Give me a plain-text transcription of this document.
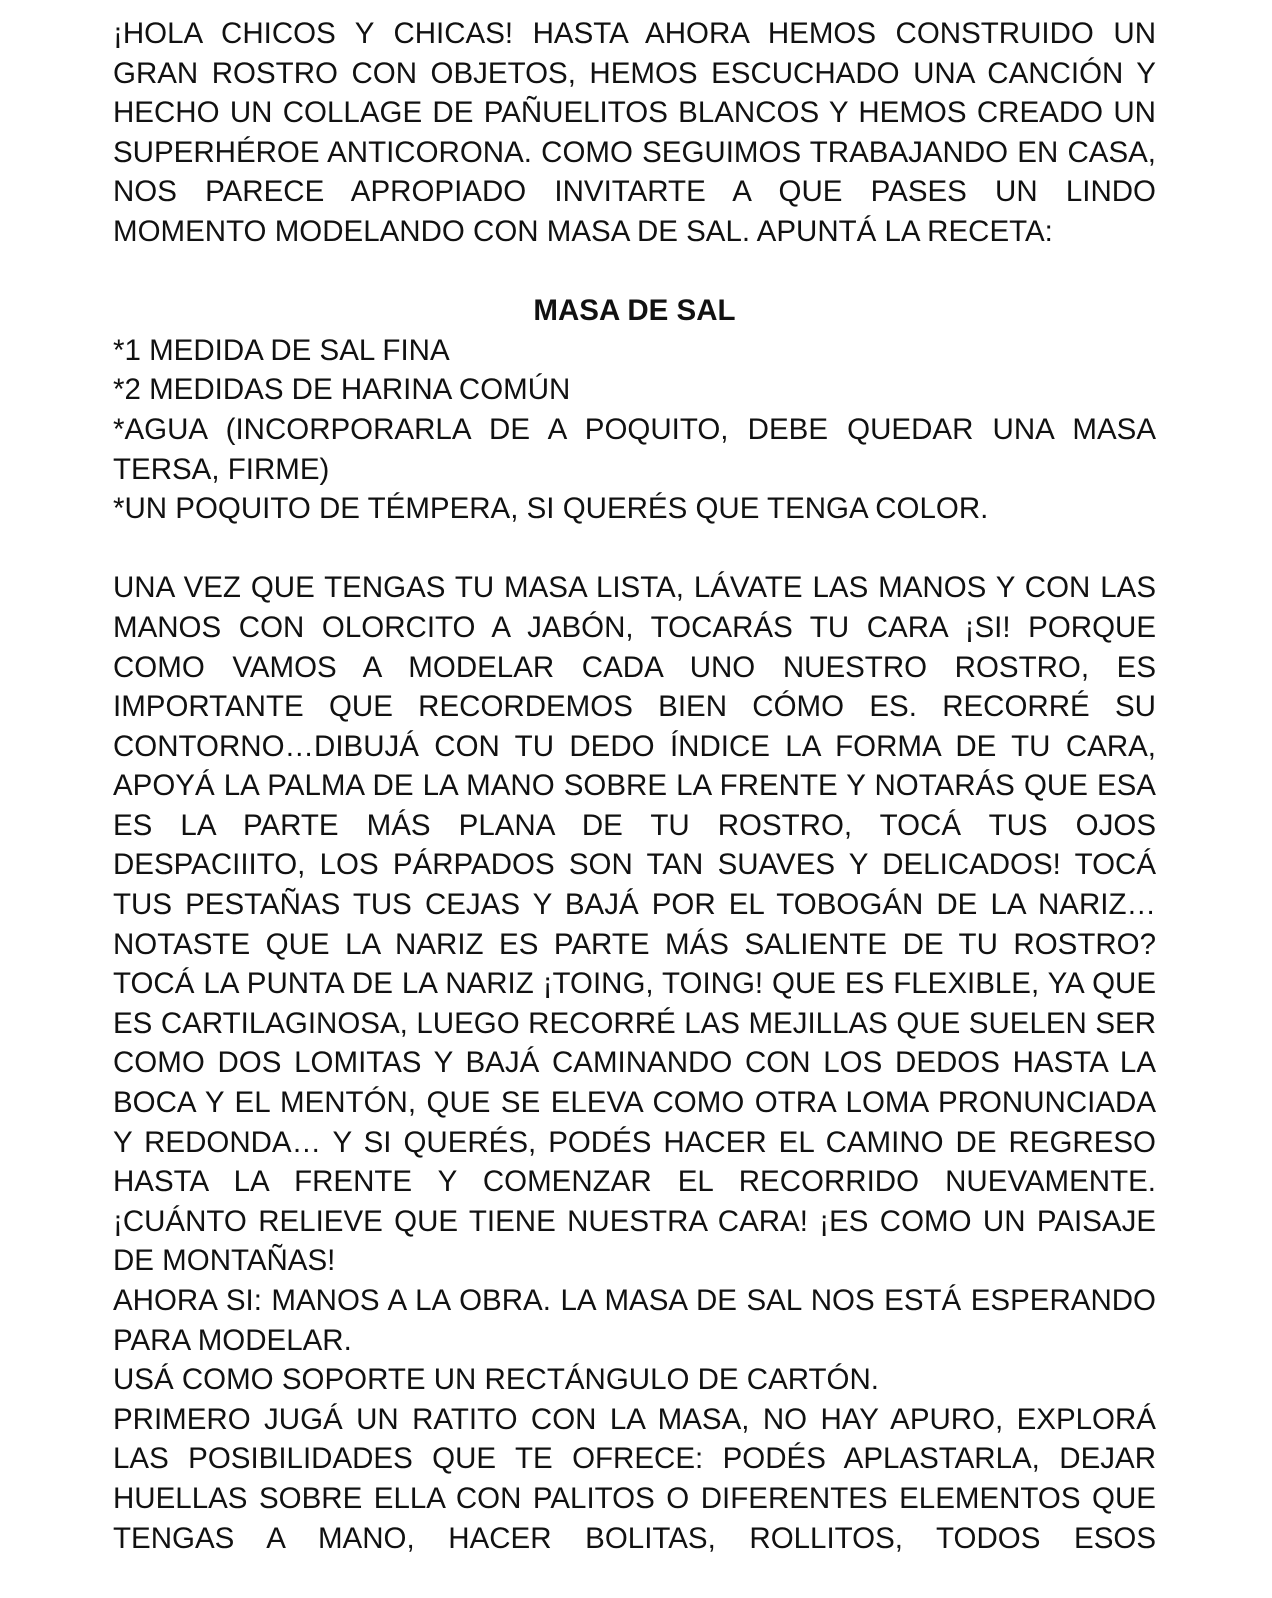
¡HOLA CHICOS Y CHICAS! HASTA AHORA HEMOS CONSTRUIDO UN GRAN ROSTRO CON OBJETOS, HEMOS ESCUCHADO UNA CANCIÓN Y HECHO UN COLLAGE DE PAÑUELITOS BLANCOS Y HEMOS CREADO UN SUPERHÉROE ANTICORONA. COMO SEGUIMOS TRABAJANDO EN CASA, NOS PARECE APROPIADO INVITARTE A QUE PASES UN LINDO MOMENTO MODELANDO CON MASA DE SAL. APUNTÁ LA RECETA:

MASA DE SAL

*1 MEDIDA DE SAL FINA

*2 MEDIDAS DE HARINA COMÚN

*AGUA (INCORPORARLA DE A POQUITO, DEBE QUEDAR UNA MASA TERSA, FIRME)

*UN POQUITO DE TÉMPERA, SI QUERÉS QUE TENGA COLOR.

UNA VEZ QUE TENGAS TU MASA LISTA, LÁVATE LAS MANOS Y CON LAS MANOS CON OLORCITO A JABÓN, TOCARÁS TU CARA ¡SI! PORQUE COMO VAMOS A MODELAR CADA UNO NUESTRO ROSTRO, ES IMPORTANTE QUE RECORDEMOS BIEN CÓMO ES. RECORRÉ SU CONTORNO…DIBUJÁ CON TU DEDO ÍNDICE LA FORMA DE TU CARA, APOYÁ LA PALMA DE LA MANO SOBRE LA FRENTE Y NOTARÁS QUE ESA ES LA PARTE MÁS PLANA DE TU ROSTRO, TOCÁ TUS OJOS DESPACIIITO, LOS PÁRPADOS SON TAN SUAVES Y DELICADOS! TOCÁ TUS PESTAÑAS TUS CEJAS Y BAJÁ POR EL TOBOGÁN DE LA NARIZ…NOTASTE QUE LA NARIZ ES PARTE MÁS SALIENTE DE TU ROSTRO? TOCÁ LA PUNTA DE LA NARIZ ¡TOING, TOING! QUE ES FLEXIBLE, YA QUE ES CARTILAGINOSA, LUEGO RECORRÉ LAS MEJILLAS QUE SUELEN SER COMO DOS LOMITAS Y BAJÁ CAMINANDO CON LOS DEDOS HASTA LA BOCA Y EL MENTÓN, QUE SE ELEVA COMO OTRA LOMA PRONUNCIADA Y REDONDA… Y SI QUERÉS, PODÉS HACER EL CAMINO DE REGRESO HASTA LA FRENTE Y COMENZAR EL RECORRIDO NUEVAMENTE. ¡CUÁNTO RELIEVE QUE TIENE NUESTRA CARA! ¡ES COMO UN PAISAJE DE MONTAÑAS!

AHORA SI: MANOS A LA OBRA. LA MASA DE SAL NOS ESTÁ ESPERANDO PARA MODELAR.

USÁ COMO SOPORTE UN RECTÁNGULO DE CARTÓN.

PRIMERO JUGÁ UN RATITO CON LA MASA, NO HAY APURO, EXPLORÁ LAS POSIBILIDADES QUE TE OFRECE: PODÉS APLASTARLA, DEJAR HUELLAS SOBRE ELLA CON PALITOS O DIFERENTES ELEMENTOS QUE TENGAS A MANO, HACER BOLITAS, ROLLITOS, TODOS ESOS
